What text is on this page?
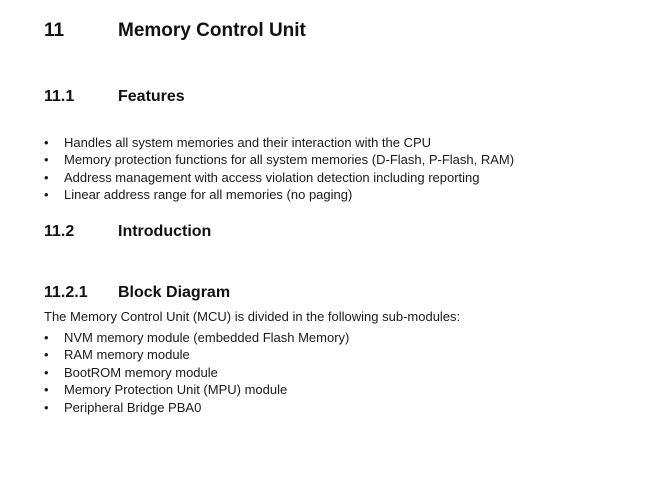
11	Memory Control Unit
11.1	Features
• Handles all system memories and their interaction with the CPU
• Memory protection functions for all system memories (D-Flash, P-Flash, RAM)
• Address management with access violation detection including reporting
• Linear address range for all memories (no paging)
11.2	Introduction
11.2.1 Block Diagram
The Memory Control Unit (MCU) is divided in the following sub-modules:
• NVM memory module (embedded Flash Memory)
• RAM memory module
• BootROM memory module
• Memory Protection Unit (MPU) module
• Peripheral Bridge PBA0
